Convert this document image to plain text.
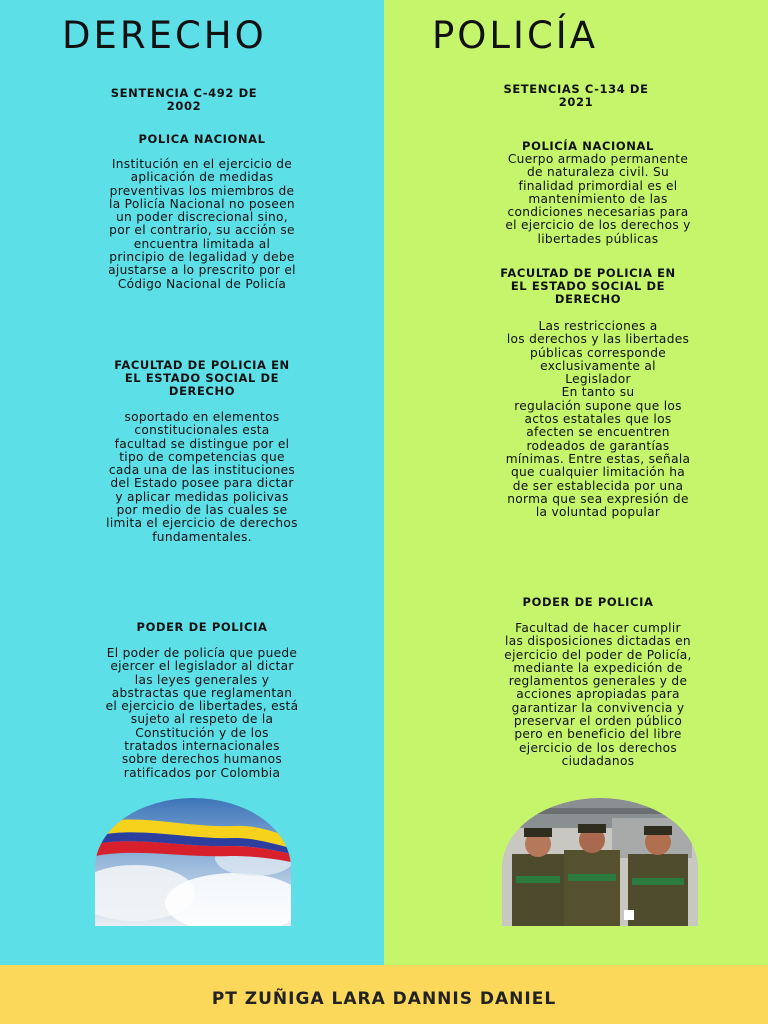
DERECHO	POLICÍA
SENTENCIA C-492 DE
2002
POLICA NACIONAL
Institución en el ejercicio de
aplicación de medidas
preventivas los miembros de
la Policía Nacional no poseen
un poder discrecional sino,
por el contrario, su acción se
encuentra limitada al
principio de legalidad y debe
ajustarse a lo prescrito por el
Código Nacional de Policía
FACULTAD DE POLICIA EN
EL ESTADO SOCIAL DE
DERECHO
soportado en elementos
constitucionales esta
facultad se distingue por el
tipo de competencias que
cada una de las instituciones
del Estado posee para dictar
y aplicar medidas policivas
por medio de las cuales se
limita el ejercicio de derechos
fundamentales.
PODER DE POLICIA
El poder de policía que puede
ejercer el legislador al dictar
las leyes generales y
abstractas que reglamentan
el ejercicio de libertades, está
sujeto al respeto de la
Constitución y de los
tratados internacionales
sobre derechos humanos
ratificados por Colombia
SETENCIAS C-134 DE
2021
POLICÍA NACIONAL
Cuerpo armado permanente
de naturaleza civil. Su
finalidad primordial es el
mantenimiento de las
condiciones necesarias para
el ejercicio de los derechos y
libertades públicas
FACULTAD DE POLICIA EN
EL ESTADO SOCIAL DE
DERECHO
Las restricciones a
los derechos y las libertades
públicas corresponde
exclusivamente al
Legislador
En tanto su
regulación supone que los
actos estatales que los
afecten se encuentren
rodeados de garantías
mínimas. Entre estas, señala
que cualquier limitación ha
de ser establecida por una
norma que sea expresión de
la voluntad popular
PODER DE POLICIA
Facultad de hacer cumplir
las disposiciones dictadas en
ejercicio del poder de Policía,
mediante la expedición de
reglamentos generales y de
acciones apropiadas para
garantizar la convivencia y
preservar el orden público
pero en beneficio del libre
ejercicio de los derechos
ciudadanos
PT ZUÑIGA LARA DANNIS DANIEL
